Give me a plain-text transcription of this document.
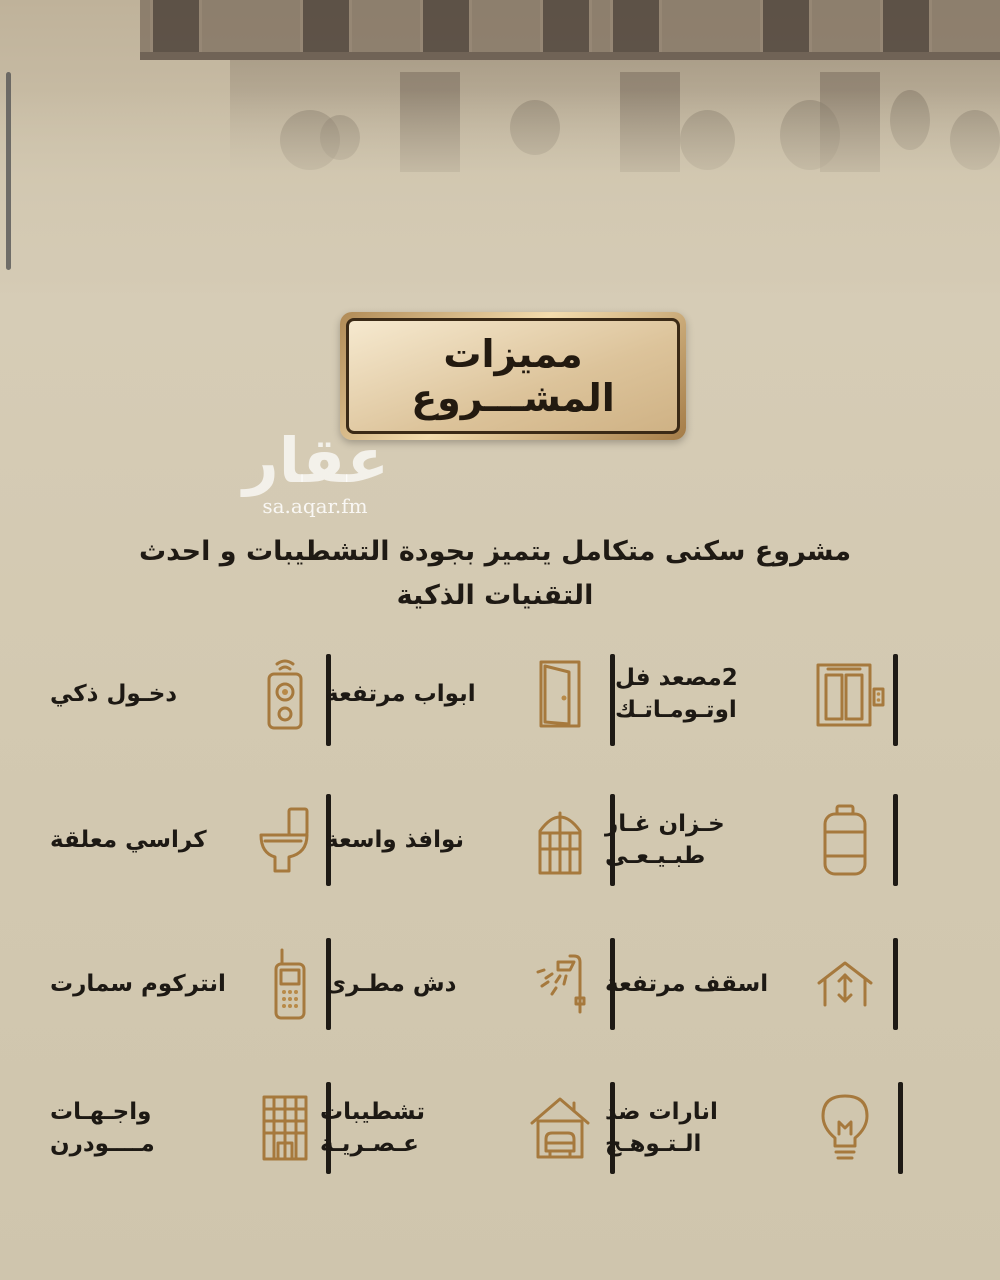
مميزات
المشـــروع
عقار
sa.aqar.fm
مشروع سكنى متكامل يتميز بجودة التشطيبات و احدث التقنيات الذكية
2مصعد فل
اوتـومـاتـك
ابواب مرتفعة
دخـول ذكي
خـزان غـاز
طبـيـعـى
نوافذ واسعة
كراسي معلقة
اسقف مرتفعة
دش مطـرى
انتركوم سمارت
انارات ضد
الـتـوهـج
تشطيبات
عـصـريـة
واجـهـات
مــــودرن
